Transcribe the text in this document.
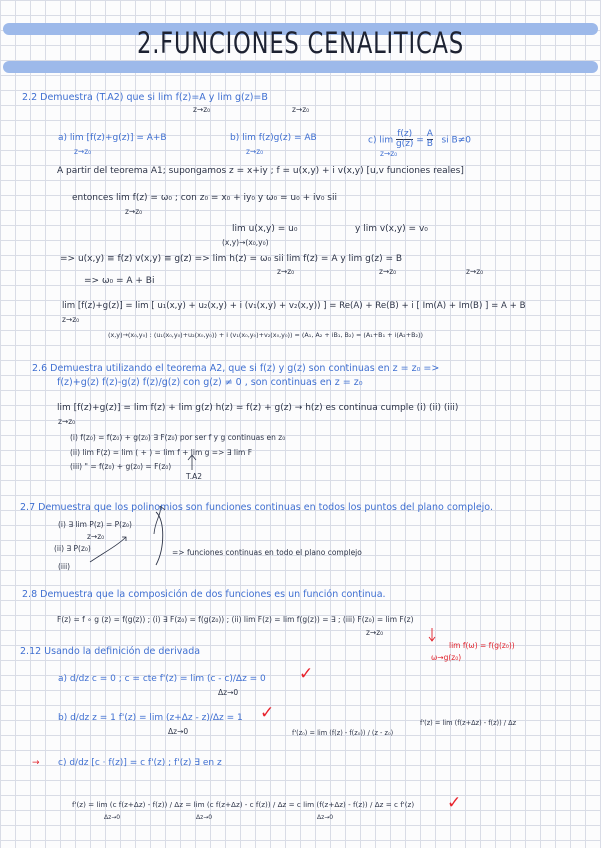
2.FUNCIONES CENALITICAS
2.2 Demuestra (T.A2) que si lim f(z)=A y lim g(z)=B
z→z₀	z→z₀
a) lim [f(z)+g(z)] = A+B
z→z₀
b) lim f(z)g(z) = AB
z→z₀
c) $\lim \frac{f(z)}{g(z)} = \frac{A}{B}$ si B≠0
z→z₀
A partir del teorema A1; supongamos z = x+iy ; f = u(x,y) + i v(x,y) [u,v funciones reales]
entonces lim f(z) = ω₀ ; con z₀ = x₀ + iy₀ y ω₀ = u₀ + iv₀ sii
z→z₀
lim u(x,y) = u₀	y lim v(x,y) = v₀
(x,y)→(x₀,y₀)
=> u(x,y) ≡ f(z) v(x,y) ≡ g(z) => lim h(z) = ω₀ sii lim f(z) = A y lim g(z) = B
z→z₀	z→z₀	z→z₀
=> ω₀ = A + Bi
lim [f(z)+g(z)] = lim [ u₁(x,y) + u₂(x,y) + i (v₁(x,y) + v₂(x,y)) ] = Re(A) + Re(B) + i [ Im(A) + Im(B) ] = A + B
z→z₀
(x,y)→(x₀,y₀) : (u₁(x₀,y₀)+u₂(x₀,y₀)) + i (v₁(x₀,y₀)+v₂(x₀,y₀)) = (A₁, A₂ + iB₁, B₂) = (A₁+B₁ + i(A₂+B₂))
2.6 Demuestra utilizando el teorema A2, que si f(z) y g(z) son continuas en z = z₀ =>
f(z)+g(z) f(z)-g(z) f(z)/g(z) con g(z) ≠ 0 , son continuas en z = z₀
lim [f(z)+g(z)] = lim f(z) + lim g(z) h(z) = f(z) + g(z) → h(z) es continua cumple (i) (ii) (iii)
z→z₀
(i) f(z₀) = f(z₀) + g(z₀) ∃ F(z₀) por ser f y g continuas en z₀
(ii) lim F(z) = lim ( + ) = lim f + lim g => ∃ lim F
(iii) " = f(z₀) + g(z₀) = F(z₀)
T.A2
2.7 Demuestra que los polinomios son funciones continuas en todos los puntos del plano complejo.
(i) ∃ lim P(z) = P(z₀)
z→z₀
(ii) ∃ P(z₀)
(iii)
=> funciones continuas en todo el plano complejo
2.8 Demuestra que la composición de dos funciones es un función continua.
F(z) = f ∘ g (z) = f(g(z)) ; (i) ∃ F(z₀) = f(g(z₀)) ; (ii) lim F(z) = lim f(g(z)) = ∃ ; (iii) F(z₀) = lim F(z)
z→z₀
lim f(ω) = f(g(z₀))
ω→g(z₀)
2.12 Usando la definición de derivada
a) d/dz c = 0 ; c = cte f'(z) = lim (c - c)/Δz = 0
Δz→0
✓
b) d/dz z = 1 f'(z) = lim (z+Δz - z)/Δz = 1
Δz→0
✓
f'(z₀) = lim (f(z) - f(z₀)) / (z - z₀)
f'(z) = lim (f(z+Δz) - f(z)) / Δz
→ c) d/dz [c · f(z)] = c f'(z) ; f'(z) ∃ en z
f'(z) = lim (c f(z+Δz) - f(z)) / Δz = lim (c f(z+Δz) - c f(z)) / Δz = c lim (f(z+Δz) - f(z)) / Δz = c f'(z)
Δz→0	Δz→0	Δz→0
✓
